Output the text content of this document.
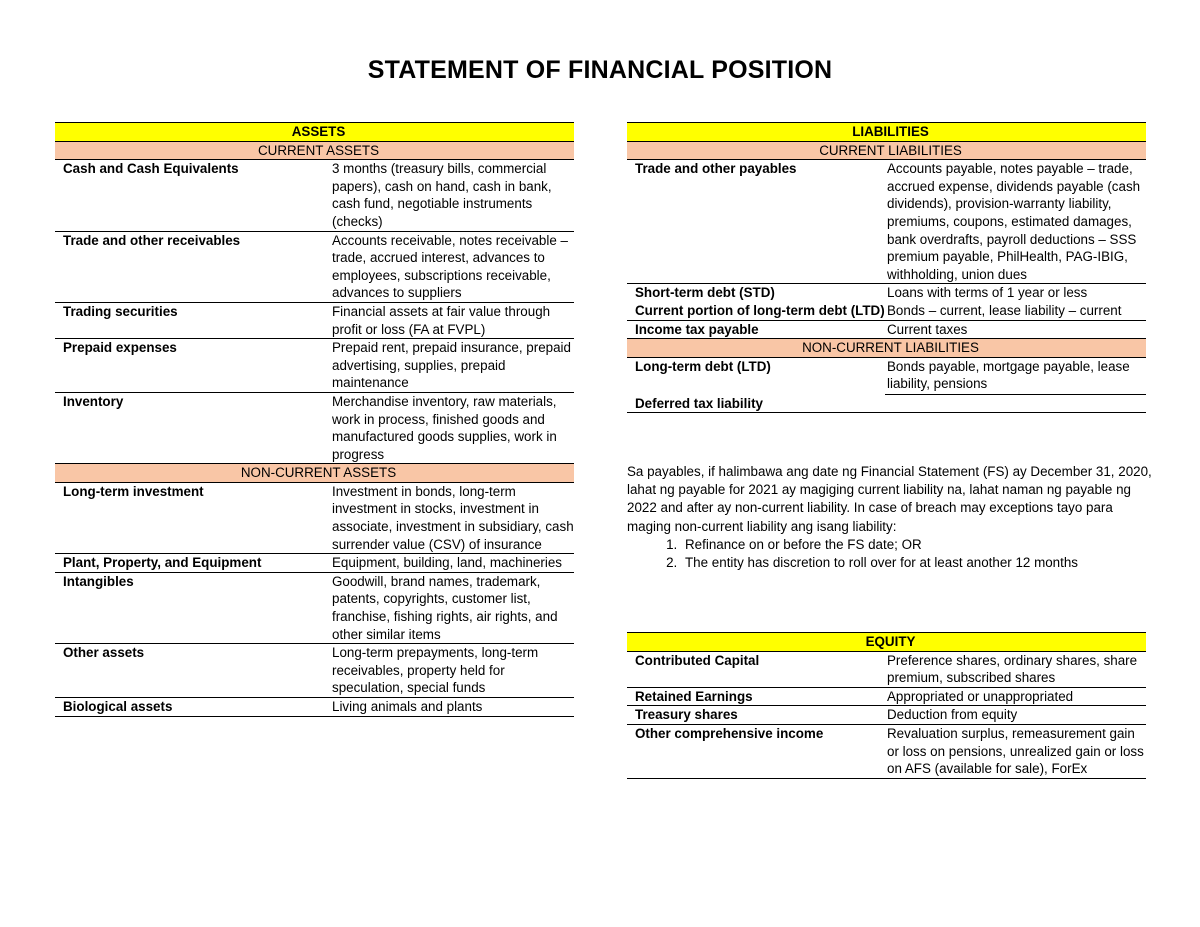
STATEMENT OF FINANCIAL POSITION
ASSETS	
CURRENT ASSETS	
Cash and Cash Equivalents	3 months (treasury bills, commercial papers), cash on hand, cash in bank, cash fund, negotiable instruments (checks)
Trade and other receivables	Accounts receivable, notes receivable – trade, accrued interest, advances to employees, subscriptions receivable, advances to suppliers
Trading securities	Financial assets at fair value through profit or loss (FA at FVPL)
Prepaid expenses	Prepaid rent, prepaid insurance, prepaid advertising, supplies, prepaid maintenance
Inventory	Merchandise inventory, raw materials, work in process, finished goods and manufactured goods supplies, work in progress
NON-CURRENT ASSETS	
Long-term investment	Investment in bonds, long-term investment in stocks, investment in associate, investment in subsidiary, cash surrender value (CSV) of insurance
Plant, Property, and Equipment	Equipment, building, land, machineries
Intangibles	Goodwill, brand names, trademark, patents, copyrights, customer list, franchise, fishing rights, air rights, and other similar items
Other assets	Long-term prepayments, long-term receivables, property held for speculation, special funds
Biological assets	Living animals and plants
LIABILITIES	
CURRENT LIABILITIES	
Trade and other payables	Accounts payable, notes payable – trade, accrued expense, dividends payable (cash dividends), provision-warranty liability, premiums, coupons, estimated damages, bank overdrafts, payroll deductions – SSS premium payable, PhilHealth, PAG-IBIG, withholding, union dues
Short-term debt (STD)	Loans with terms of 1 year or less
Current portion of long-term debt (LTD)	Bonds – current, lease liability – current
Income tax payable	Current taxes
NON-CURRENT LIABILITIES	
Long-term debt (LTD)	Bonds payable, mortgage payable, lease liability, pensions
Deferred tax liability	
Sa payables, if halimbawa ang date ng Financial Statement (FS) ay December 31, 2020, lahat ng payable for 2021 ay magiging current liability na, lahat naman ng payable ng 2022 and after ay non-current liability. In case of breach may exceptions tayo para maging non-current liability ang isang liability:
1. Refinance on or before the FS date; OR
2. The entity has discretion to roll over for at least another 12 months
EQUITY	
Contributed Capital	Preference shares, ordinary shares, share premium, subscribed shares
Retained Earnings	Appropriated or unappropriated
Treasury shares	Deduction from equity
Other comprehensive income	Revaluation surplus, remeasurement gain or loss on pensions, unrealized gain or loss on AFS (available for sale), ForEx
